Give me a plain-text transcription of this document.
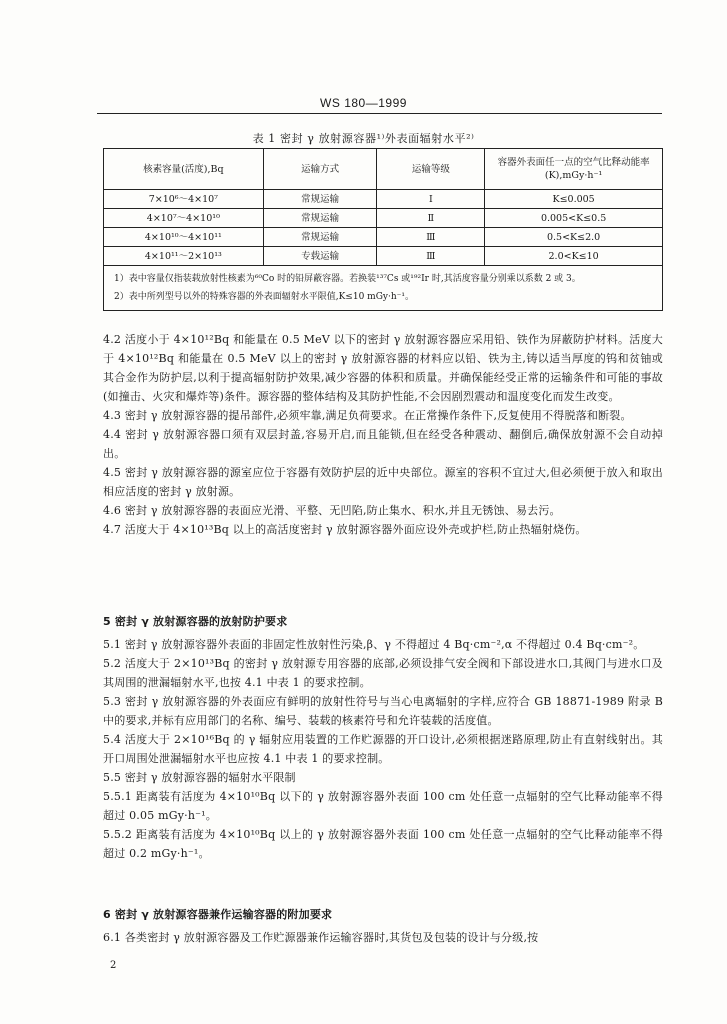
WS 180—1999
表 1 密封 γ 放射源容器¹⁾外表面辐射水平²⁾
核素容量(活度),Bq	运输方式	运输等级	容器外表面任一点的空气比释动能率(K),mGy·h⁻¹
7×10⁶～4×10⁷	常规运输	Ⅰ	K≤0.005
4×10⁷～4×10¹⁰	常规运输	Ⅱ	0.005<K≤0.5
4×10¹⁰～4×10¹¹	常规运输	Ⅲ	0.5<K≤2.0
4×10¹¹～2×10¹³	专载运输	Ⅲ	2.0<K≤10

1）表中容量仅指装载放射性核素为⁶⁰Co 时的铅屏蔽容器。若换装¹³⁷Cs 或¹⁹²Ir 时,其活度容量分别乘以系数 2 或 3。
2）表中所列型号以外的特殊容器的外表面辐射水平限值,K≤10 mGy·h⁻¹。			

4.2 活度小于 4×10¹²Bq 和能量在 0.5 MeV 以下的密封 γ 放射源容器应采用铅、铁作为屏蔽防护材料。活度大于 4×10¹²Bq 和能量在 0.5 MeV 以上的密封 γ 放射源容器的材料应以铅、铁为主,铸以适当厚度的钨和贫铀或其合金作为防护层,以利于提高辐射防护效果,减少容器的体积和质量。并确保能经受正常的运输条件和可能的事故(如撞击、火灾和爆炸等)条件。源容器的整体结构及其防护性能,不会因剧烈震动和温度变化而发生改变。

4.3 密封 γ 放射源容器的提吊部件,必须牢靠,满足负荷要求。在正常操作条件下,反复使用不得脱落和断裂。

4.4 密封 γ 放射源容器口须有双层封盖,容易开启,而且能锁,但在经受各种震动、翻倒后,确保放射源不会自动掉出。

4.5 密封 γ 放射源容器的源室应位于容器有效防护层的近中央部位。源室的容积不宜过大,但必须便于放入和取出相应活度的密封 γ 放射源。

4.6 密封 γ 放射源容器的表面应光滑、平整、无凹陷,防止集水、积水,并且无锈蚀、易去污。

4.7 活度大于 4×10¹³Bq 以上的高活度密封 γ 放射源容器外面应设外壳或护栏,防止热辐射烧伤。

5 密封 γ 放射源容器的放射防护要求

5.1 密封 γ 放射源容器外表面的非固定性放射性污染,β、γ 不得超过 4 Bq·cm⁻²,α 不得超过 0.4 Bq·cm⁻²。

5.2 活度大于 2×10¹³Bq 的密封 γ 放射源专用容器的底部,必须设排气安全阀和下部设进水口,其阀门与进水口及其周围的泄漏辐射水平,也按 4.1 中表 1 的要求控制。

5.3 密封 γ 放射源容器的外表面应有鲜明的放射性符号与当心电离辐射的字样,应符合 GB 18871-1989 附录 B 中的要求,并标有应用部门的名称、编号、装载的核素符号和允许装载的活度值。

5.4 活度大于 2×10¹⁶Bq 的 γ 辐射应用装置的工作贮源器的开口设计,必须根据迷路原理,防止有直射线射出。其开口周围处泄漏辐射水平也应按 4.1 中表 1 的要求控制。

5.5 密封 γ 放射源容器的辐射水平限制

5.5.1 距离装有活度为 4×10¹⁰Bq 以下的 γ 放射源容器外表面 100 cm 处任意一点辐射的空气比释动能率不得超过 0.05 mGy·h⁻¹。

5.5.2 距离装有活度为 4×10¹⁰Bq 以上的 γ 放射源容器外表面 100 cm 处任意一点辐射的空气比释动能率不得超过 0.2 mGy·h⁻¹。

6 密封 γ 放射源容器兼作运输容器的附加要求

6.1 各类密封 γ 放射源容器及工作贮源器兼作运输容器时,其货包及包装的设计与分级,按

2
